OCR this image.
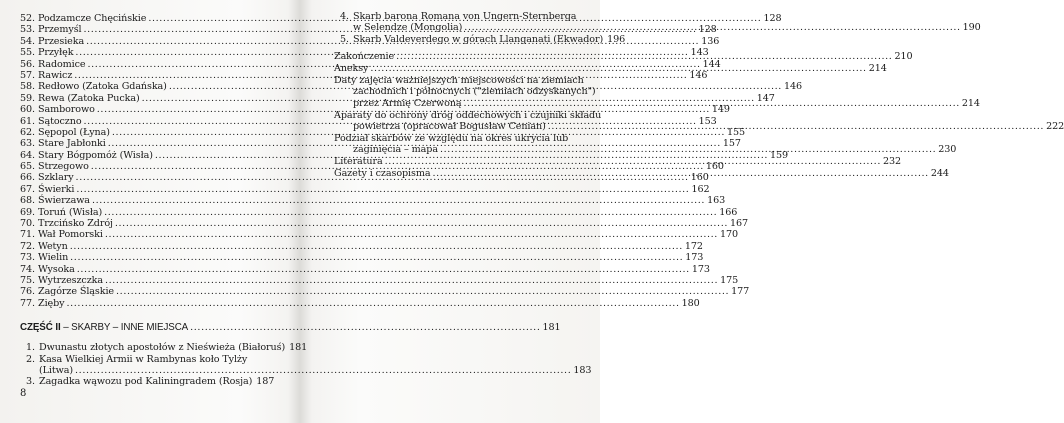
52. Podzamcze Chęcińskie .....	128
53. Przemyśl .....	128
54. Przesieka .....	136
55. Przyłęk .....	143
56. Radomice .....	144
57. Rawicz .....	146
58. Redłowo (Zatoka Gdańska) .....	146
59. Rewa (Zatoka Pucka) .....	147
60. Samborowo .....	149
61. Sątoczno .....	153
62. Sępopol (Łyna) .....	155
63. Stare Jabłonki .....	157
64. Stary Bógpomóż (Wisła) .....	159
65. Strzegowo .....	160
66. Szklary .....	160
67. Świerki .....	162
68. Świerzawa .....	163
69. Toruń (Wisła) .....	166
70. Trzcińsko Zdrój .....	167
71. Wał Pomorski .....	170
72. Wetyn .....	172
73. Wielin .....	173
74. Wysoka .....	173
75. Wytrzeszczka .....	175
76. Zagórze Śląskie .....	177
77. Zięby .....	180
CZĘŚĆ II – SKARBY – INNE MIEJSCA .....	181
1. Dwunastu złotych apostołów z Nieświeża (Białoruś) 181
2. Kasa Wielkiej Armii w Rambynas koło Tylży
(Litwa) .....	183
3. Zagadka wąwozu pod Kaliningradem (Rosja) 187
8
4. Skarb barona Romana von Ungern-Sternberga
w Selendze (Mongolia) .....	190
5. Skarb Valdeverdego w górach Llanganati (Ekwador) 196
Zakończenie .....	210
Aneksy .....	214
Daty zajęcia ważniejszych miejscowości na ziemiach
zachodnich i północnych ("ziemiach odzyskanych")
przez Armię Czerwoną .....	214
Aparaty do ochrony dróg oddechowych i czujniki składu
powietrza (opracował Bogusław Cenian) .....	222
Podział skarbów ze względu na okres ukrycia lub
zaginięcia – mapa .....	230
Literatura .....	232
Gazety i czasopisma .....	244
